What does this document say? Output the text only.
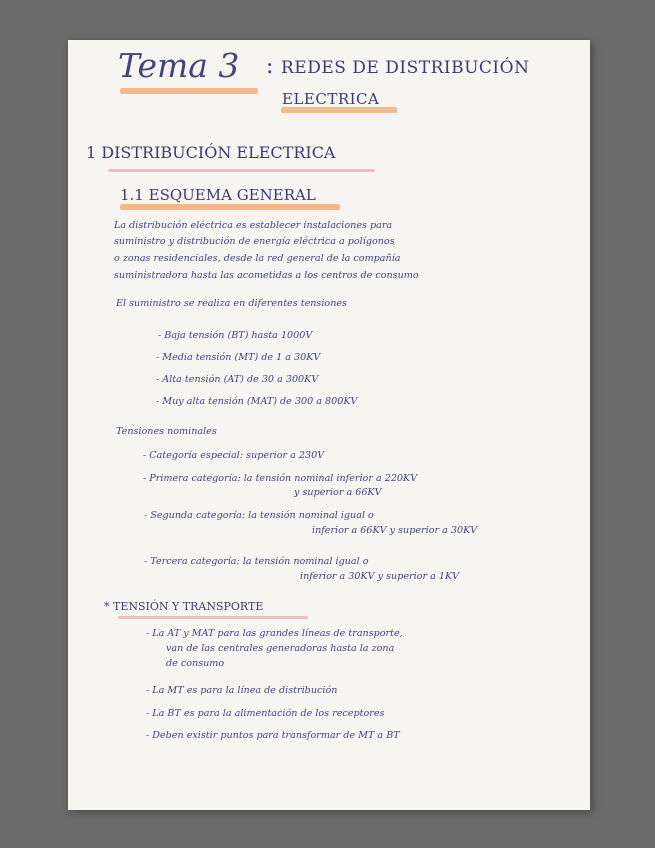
Tema 3 : REDES DE DISTRIBUCIÓN
ELECTRICA
1 DISTRIBUCIÓN ELECTRICA
1.1 ESQUEMA GENERAL
La distribución eléctrica es establecer instalaciones para
suministro y distribución de energía eléctrica a polígonos
o zonas residenciales, desde la red general de la compañía
suministradora hasta las acometidas a los centros de consumo
El suministro se realiza en diferentes tensiones
- Baja tensión (BT) hasta 1000V
- Media tensión (MT) de 1 a 30KV
- Alta tensión (AT) de 30 a 300KV
- Muy alta tensión (MAT) de 300 a 800KV
Tensiones nominales
- Categoría especial: superior a 230V
- Primera categoría: la tensión nominal inferior a 220KV
y superior a 66KV
- Segunda categoría: la tensión nominal igual o
inferior a 66KV y superior a 30KV
- Tercera categoría: la tensión nominal igual o
inferior a 30KV y superior a 1KV
* TENSIÓN Y TRANSPORTE
- La AT y MAT para las grandes líneas de transporte,
van de las centrales generadoras hasta la zona
de consumo
- La MT es para la línea de distribución
- La BT es para la alimentación de los receptores
- Deben existir puntos para transformar de MT a BT
